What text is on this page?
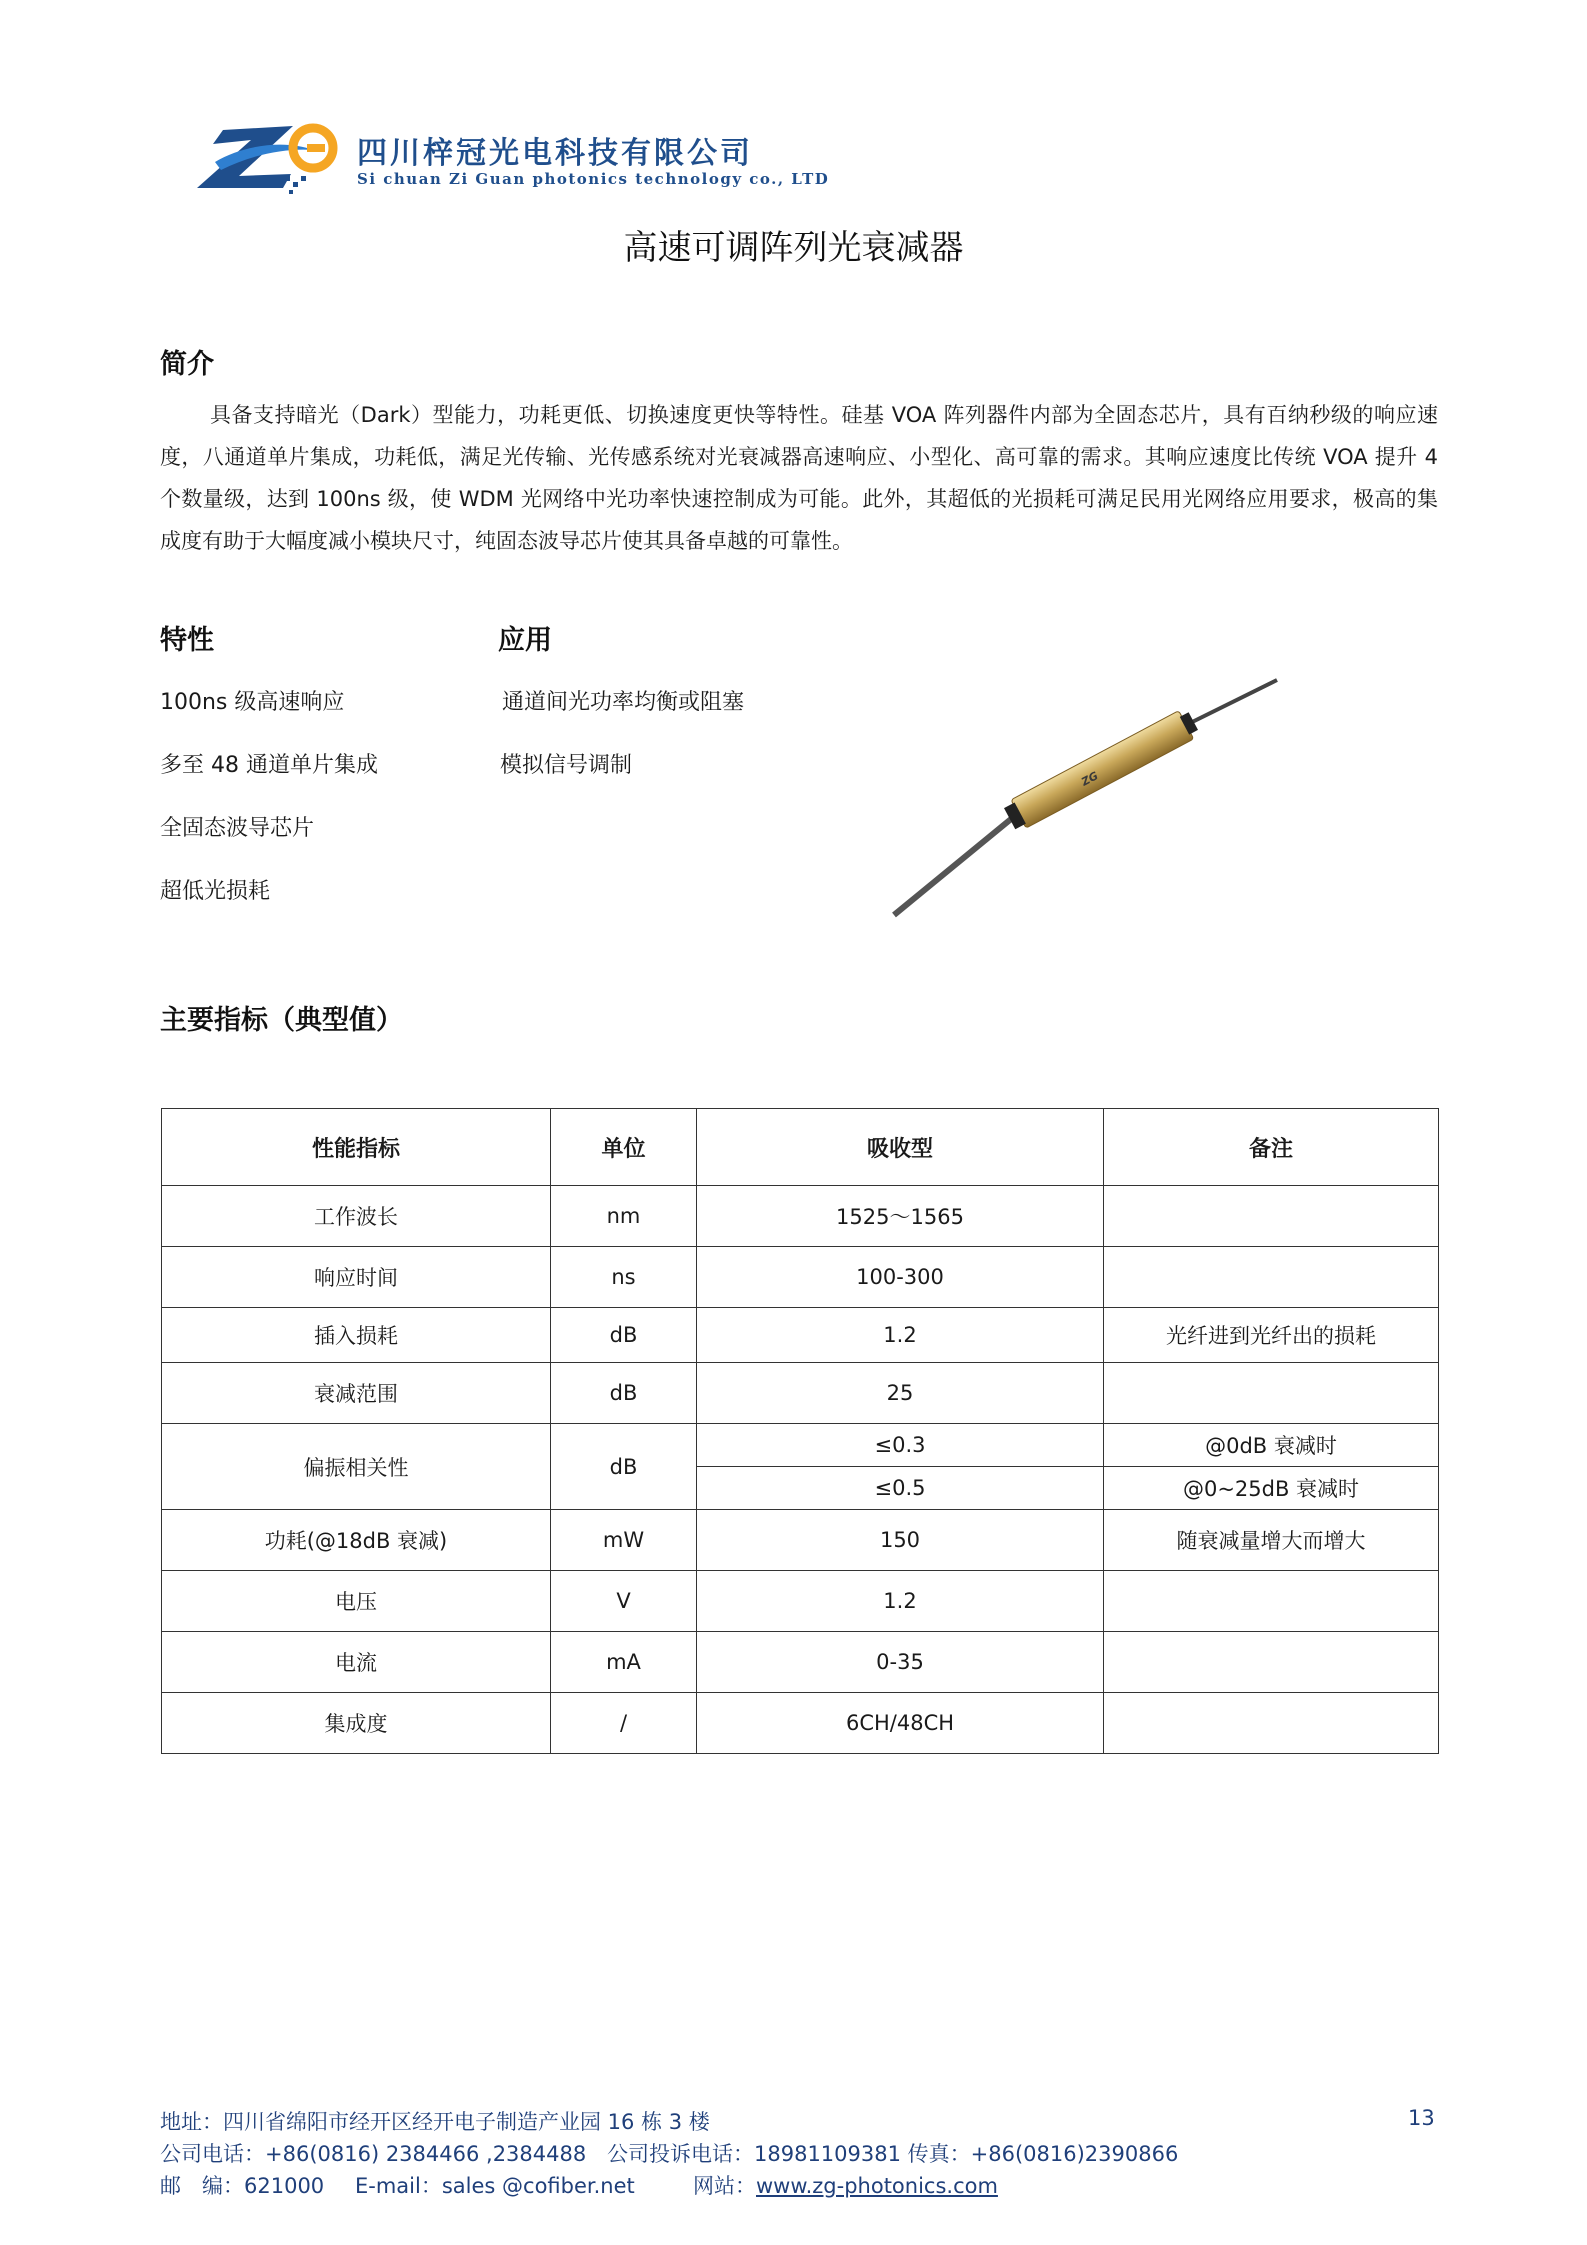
四川梓冠光电科技有限公司
Si chuan Zi Guan photonics technology co., LTD
高速可调阵列光衰减器
简介
具备支持暗光（Dark）型能力，功耗更低、切换速度更快等特性。硅基 VOA 阵列器件内部为全固态芯片，具有百纳秒级的响应速度，八通道单片集成，功耗低，满足光传输、光传感系统对光衰减器高速响应、小型化、高可靠的需求。其响应速度比传统 VOA 提升 4 个数量级，达到 100ns 级，使 WDM 光网络中光功率快速控制成为可能。此外，其超低的光损耗可满足民用光网络应用要求，极高的集成度有助于大幅度减小模块尺寸，纯固态波导芯片使其具备卓越的可靠性。
特性
100ns 级高速响应
多至 48 通道单片集成
全固态波导芯片
超低光损耗
应用
通道间光功率均衡或阻塞
模拟信号调制
ZG
主要指标（典型值）
性能指标	单位	吸收型	备注
工作波长	nm	1525～1565	
响应时间	ns	100-300	
插入损耗	dB	1.2	光纤进到光纤出的损耗
衰减范围	dB	25	
偏振相关性	dB	≤0.3	@0dB 衰减时
		≤0.5	@0~25dB 衰减时
功耗(@18dB 衰减)	mW	150	随衰减量增大而增大
电压	V	1.2	
电流	mA	0-35	
集成度	/	6CH/48CH	
地址：四川省绵阳市经开区经开电子制造产业园 16 栋 3 楼	13
公司电话：+86(0816) 2384466 ,2384488 公司投诉电话：18981109381 传真：+86(0816)2390866
邮　编：621000 E-mail：sales @cofiber.net	网站：www.zg-photonics.com
